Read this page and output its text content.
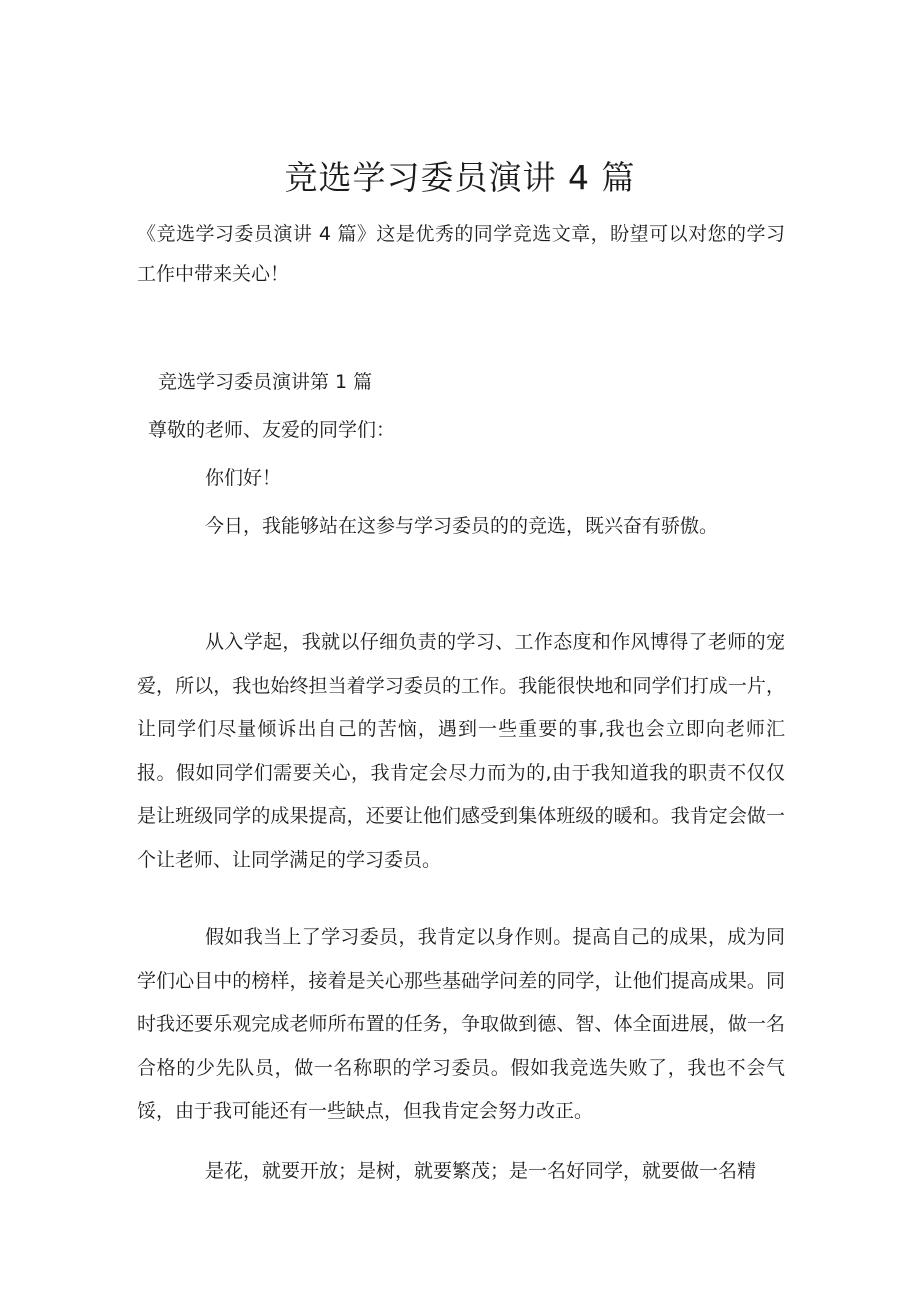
竞选学习委员演讲 4 篇
《竞选学习委员演讲 4 篇》这是优秀的同学竞选文章，盼望可以对您的学习工作中带来关心！
竞选学习委员演讲第 1 篇
尊敬的老师、友爱的同学们：
你们好！
今日，我能够站在这参与学习委员的的竞选，既兴奋有骄傲。

从入学起，我就以仔细负责的学习、工作态度和作风博得了老师的宠爱，所以，我也始终担当着学习委员的工作。我能很快地和同学们打成一片，让同学们尽量倾诉出自己的苦恼，遇到一些重要的事,我也会立即向老师汇报。假如同学们需要关心，我肯定会尽力而为的,由于我知道我的职责不仅仅是让班级同学的成果提高，还要让他们感受到集体班级的暖和。我肯定会做一个让老师、让同学满足的学习委员。

假如我当上了学习委员，我肯定以身作则。提高自己的成果，成为同学们心目中的榜样，接着是关心那些基础学问差的同学，让他们提高成果。同时我还要乐观完成老师所布置的任务，争取做到德、智、体全面进展，做一名合格的少先队员，做一名称职的学习委员。假如我竞选失败了，我也不会气馁，由于我可能还有一些缺点，但我肯定会努力改正。

是花，就要开放；是树，就要繁茂；是一名好同学，就要做一名精
